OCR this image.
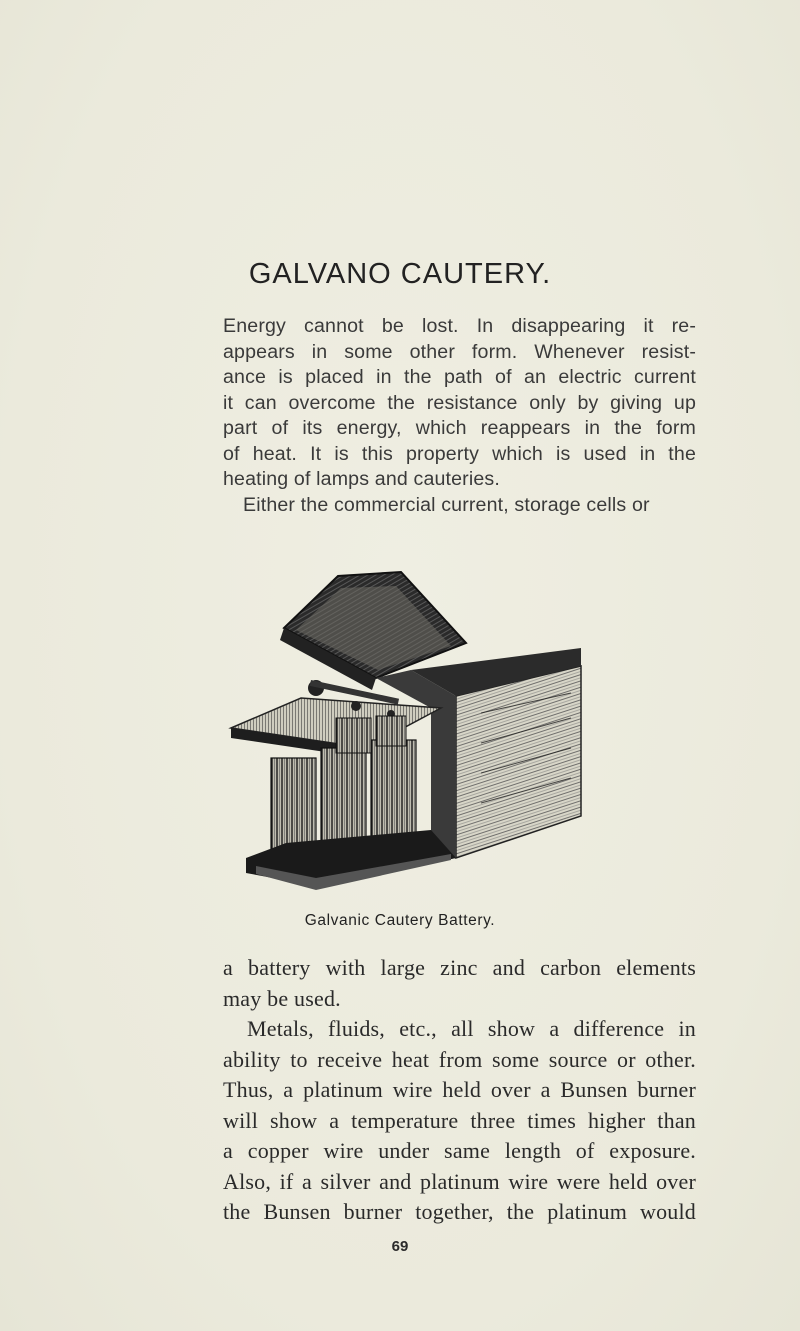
GALVANO CAUTERY.
Energy cannot be lost. In disappearing it re-
appears in some other form. Whenever resist-
ance is placed in the path of an electric current
it can overcome the resistance only by giving up
part of its energy, which reappears in the form
of heat. It is this property which is used in the
heating of lamps and cauteries.
Either the commercial current, storage cells or
Galvanic Cautery Battery.
a battery with large zinc and carbon elements
may be used.
Metals, fluids, etc., all show a difference in
ability to receive heat from some source or other.
Thus, a platinum wire held over a Bunsen burner
will show a temperature three times higher than
a copper wire under same length of exposure.
Also, if a silver and platinum wire were held over
the Bunsen burner together, the platinum would
69
